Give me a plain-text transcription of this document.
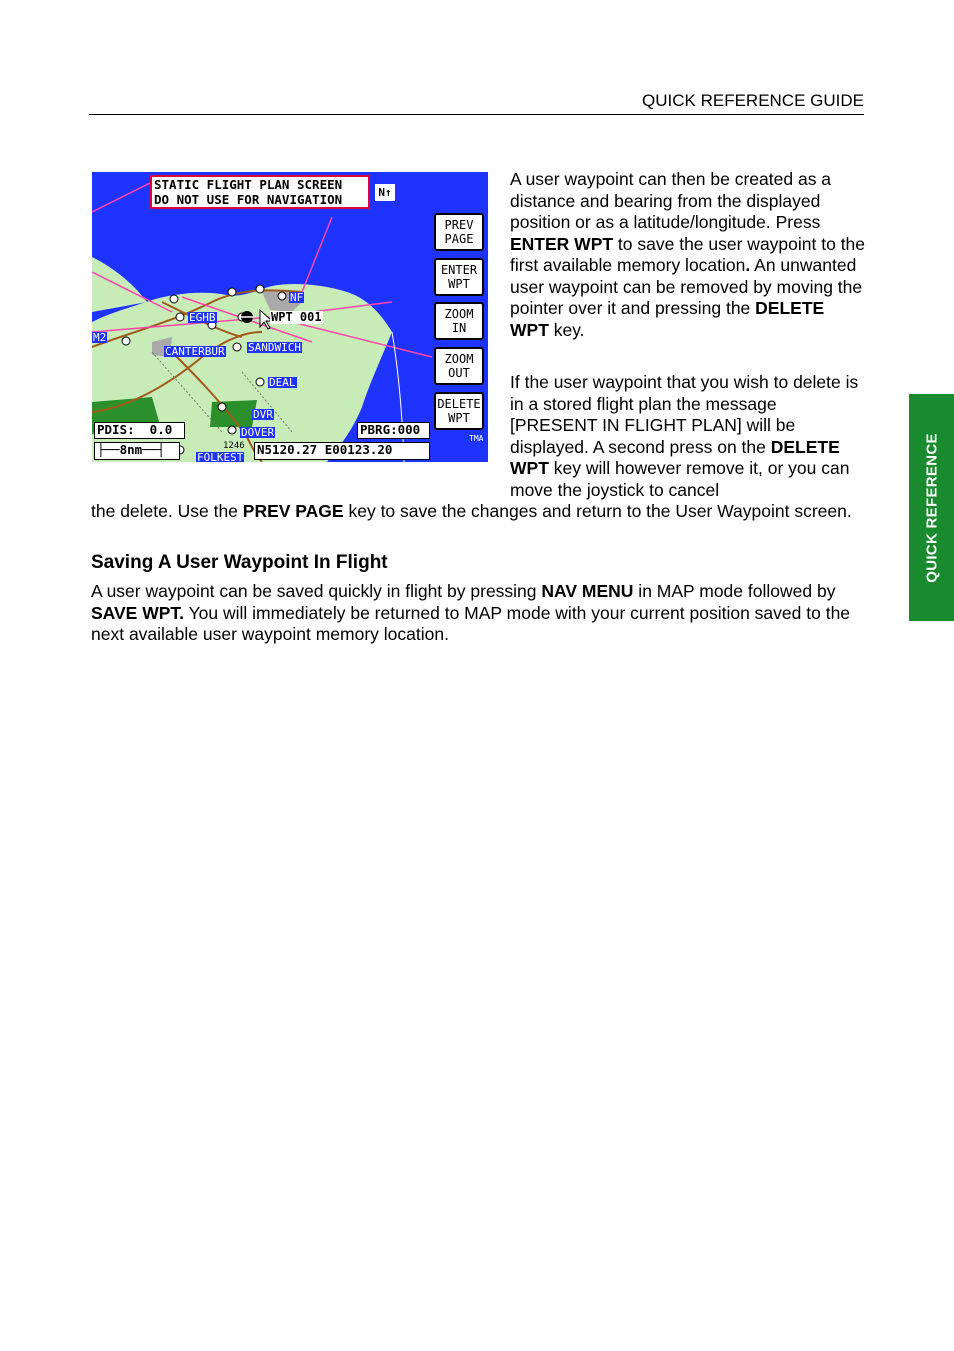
QUICK REFERENCE GUIDE
QUICK REFERENCE
STATIC FLIGHT PLAN SCREEN
DO NOT USE FOR NAVIGATION	N↑
PREV
PAGE
ENTER
WPT
ZOOM
IN
ZOOM
OUT
DELETE
WPT
NF
EGHB	WPT 001
M2
CANTERBUR SANDWICH
DEAL
DVR
DOVER
FOLKEST
TMA
1246
PDIS:  0.0	PBRG:000
├──8nm──┤	N5120.27 E00123.20

A user waypoint can then be created as a distance and bearing from the displayed position or as a latitude/longitude. Press ENTER WPT to save the user waypoint to the first available memory location. An unwanted user waypoint can be removed by moving the pointer over it and pressing the DELETE WPT key.

If the user waypoint that you wish to delete is in a stored flight plan the message [PRESENT IN FLIGHT PLAN] will be displayed. A second press on the DELETE WPT key will however remove it, or you can move the joystick to cancel

the delete. Use the PREV PAGE key to save the changes and return to the User Waypoint screen.

Saving A User Waypoint In Flight

A user waypoint can be saved quickly in flight by pressing NAV MENU in MAP mode followed by SAVE WPT. You will immediately be returned to MAP mode with your current position saved to the next available user waypoint memory location.
